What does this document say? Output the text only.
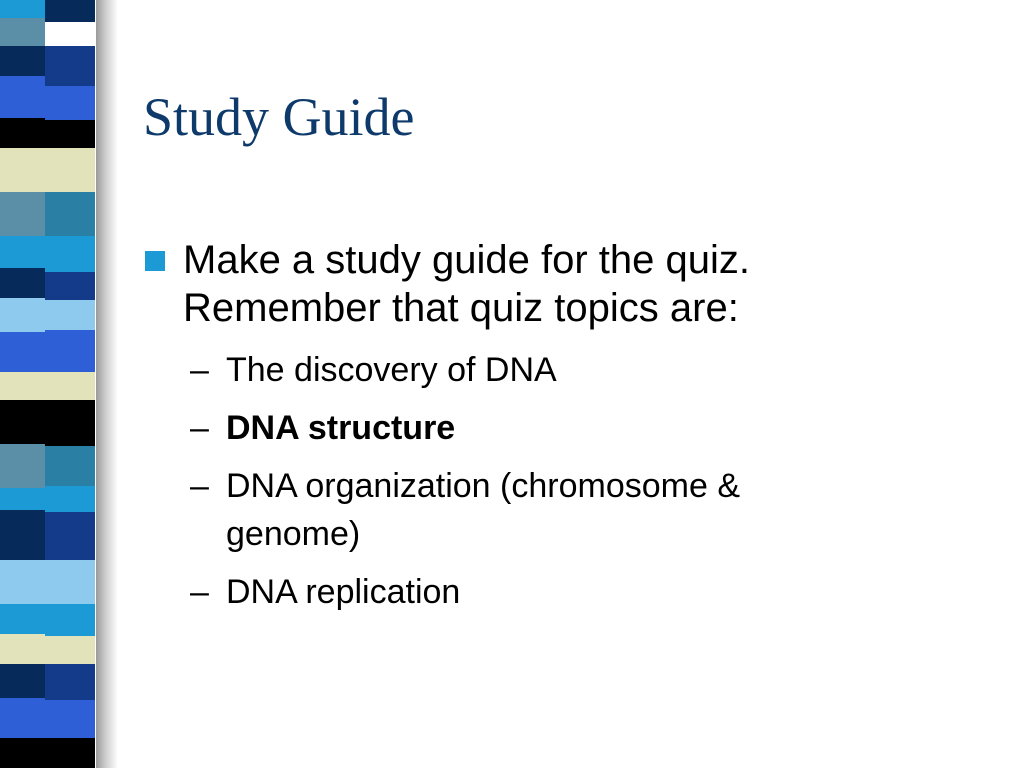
Study Guide
Make a study guide for the quiz.
Remember that quiz topics are:
– The discovery of DNA
– DNA structure
– DNA organization (chromosome & genome)
– DNA replication
